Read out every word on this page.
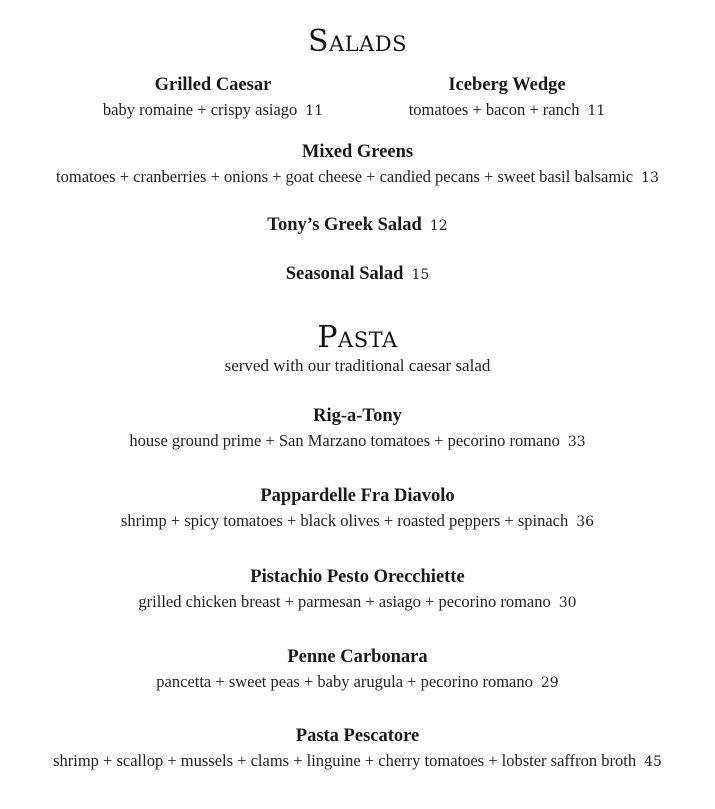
Salads
Grilled Caesar
baby romaine + crispy asiago 11
Iceberg Wedge
tomatoes + bacon + ranch 11
Mixed Greens
tomatoes + cranberries + onions + goat cheese + candied pecans + sweet basil balsamic 13
Tony’s Greek Salad 12
Seasonal Salad 15
Pasta
served with our traditional caesar salad
Rig-a-Tony
house ground prime + San Marzano tomatoes + pecorino romano 33
Pappardelle Fra Diavolo
shrimp + spicy tomatoes + black olives + roasted peppers + spinach 36
Pistachio Pesto Orecchiette
grilled chicken breast + parmesan + asiago + pecorino romano 30
Penne Carbonara
pancetta + sweet peas + baby arugula + pecorino romano 29
Pasta Pescatore
shrimp + scallop + mussels + clams + linguine + cherry tomatoes + lobster saffron broth 45
